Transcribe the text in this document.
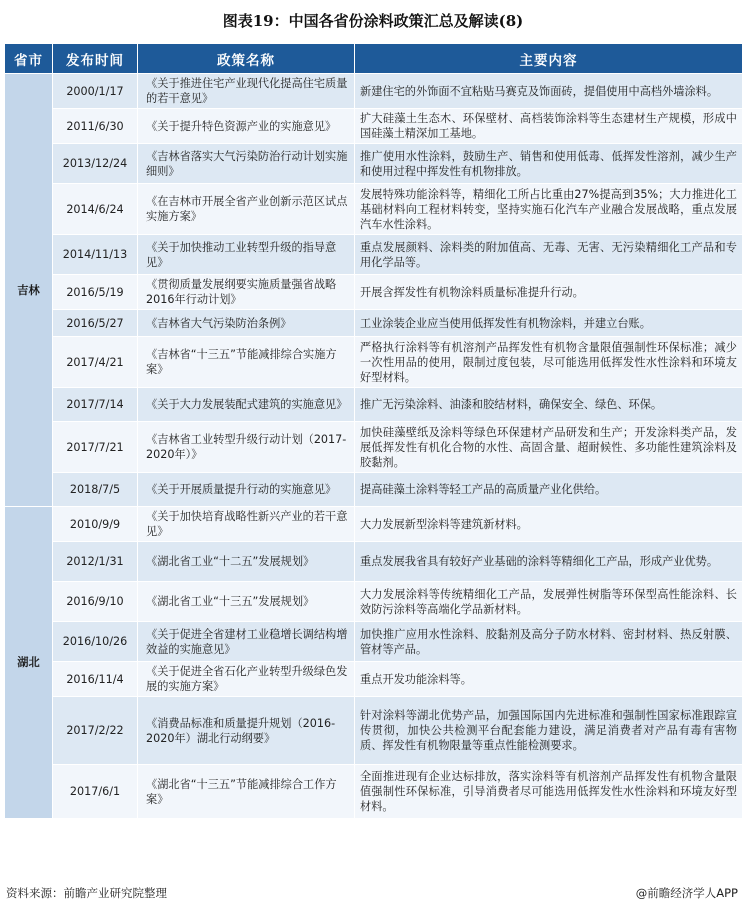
图表19：中国各省份涂料政策汇总及解读(8)
省市	发布时间	政策名称	主要内容
吉林	2000/1/17	《关于推进住宅产业现代化提高住宅质量的若干意见》	新建住宅的外饰面不宜粘贴马赛克及饰面砖，提倡使用中高档外墙涂料。
	2011/6/30	《关于提升特色资源产业的实施意见》	扩大硅藻土生态木、环保壁材、高档装饰涂料等生态建材生产规模，形成中国硅藻土精深加工基地。
	2013/12/24	《吉林省落实大气污染防治行动计划实施细则》	推广使用水性涂料，鼓励生产、销售和使用低毒、低挥发性溶剂，减少生产和使用过程中挥发性有机物排放。
	2014/6/24	《在吉林市开展全省产业创新示范区试点实施方案》	发展特殊功能涂料等，精细化工所占比重由27%提高到35%；大力推进化工基础材料向工程材料转变，坚持实施石化汽车产业融合发展战略，重点发展汽车水性涂料。
	2014/11/13	《关于加快推动工业转型升级的指导意见》	重点发展颜料、涂料类的附加值高、无毒、无害、无污染精细化工产品和专用化学品等。
	2016/5/19	《贯彻质量发展纲要实施质量强省战略2016年行动计划》	开展含挥发性有机物涂料质量标准提升行动。
	2016/5/27	《吉林省大气污染防治条例》	工业涂装企业应当使用低挥发性有机物涂料，并建立台账。
	2017/4/21	《吉林省“十三五”节能减排综合实施方案》	严格执行涂料等有机溶剂产品挥发性有机物含量限值强制性环保标准；减少一次性用品的使用，限制过度包装，尽可能选用低挥发性水性涂料和环境友好型材料。
	2017/7/14	《关于大力发展装配式建筑的实施意见》	推广无污染涂料、油漆和胶结材料，确保安全、绿色、环保。
	2017/7/21	《吉林省工业转型升级行动计划（2017-2020年）》	加快硅藻壁纸及涂料等绿色环保建材产品研发和生产；开发涂料类产品，发展低挥发性有机化合物的水性、高固含量、超耐候性、多功能性建筑涂料及胶黏剂。
	2018/7/5	《关于开展质量提升行动的实施意见》	提高硅藻土涂料等轻工产品的高质量产业化供给。
湖北	2010/9/9	《关于加快培育战略性新兴产业的若干意见》	大力发展新型涂料等建筑新材料。
	2012/1/31	《湖北省工业“十二五”发展规划》	重点发展我省具有较好产业基础的涂料等精细化工产品，形成产业优势。
	2016/9/10	《湖北省工业“十三五”发展规划》	大力发展涂料等传统精细化工产品，发展弹性树脂等环保型高性能涂料、长效防污涂料等高端化学品新材料。
	2016/10/26	《关于促进全省建材工业稳增长调结构增效益的实施意见》	加快推广应用水性涂料、胶黏剂及高分子防水材料、密封材料、热反射膜、管材等产品。
	2016/11/4	《关于促进全省石化产业转型升级绿色发展的实施方案》	重点开发功能涂料等。
	2017/2/22	《消费品标准和质量提升规划（2016-2020年）湖北行动纲要》	针对涂料等湖北优势产品，加强国际国内先进标准和强制性国家标准跟踪宣传贯彻，加快公共检测平台配套能力建设，满足消费者对产品有毒有害物质、挥发性有机物限量等重点性能检测要求。
	2017/6/1	《湖北省“十三五”节能减排综合工作方案》	全面推进现有企业达标排放，落实涂料等有机溶剂产品挥发性有机物含量限值强制性环保标准，引导消费者尽可能选用低挥发性水性涂料和环境友好型材料。
资料来源：前瞻产业研究院整理	@前瞻经济学人APP
